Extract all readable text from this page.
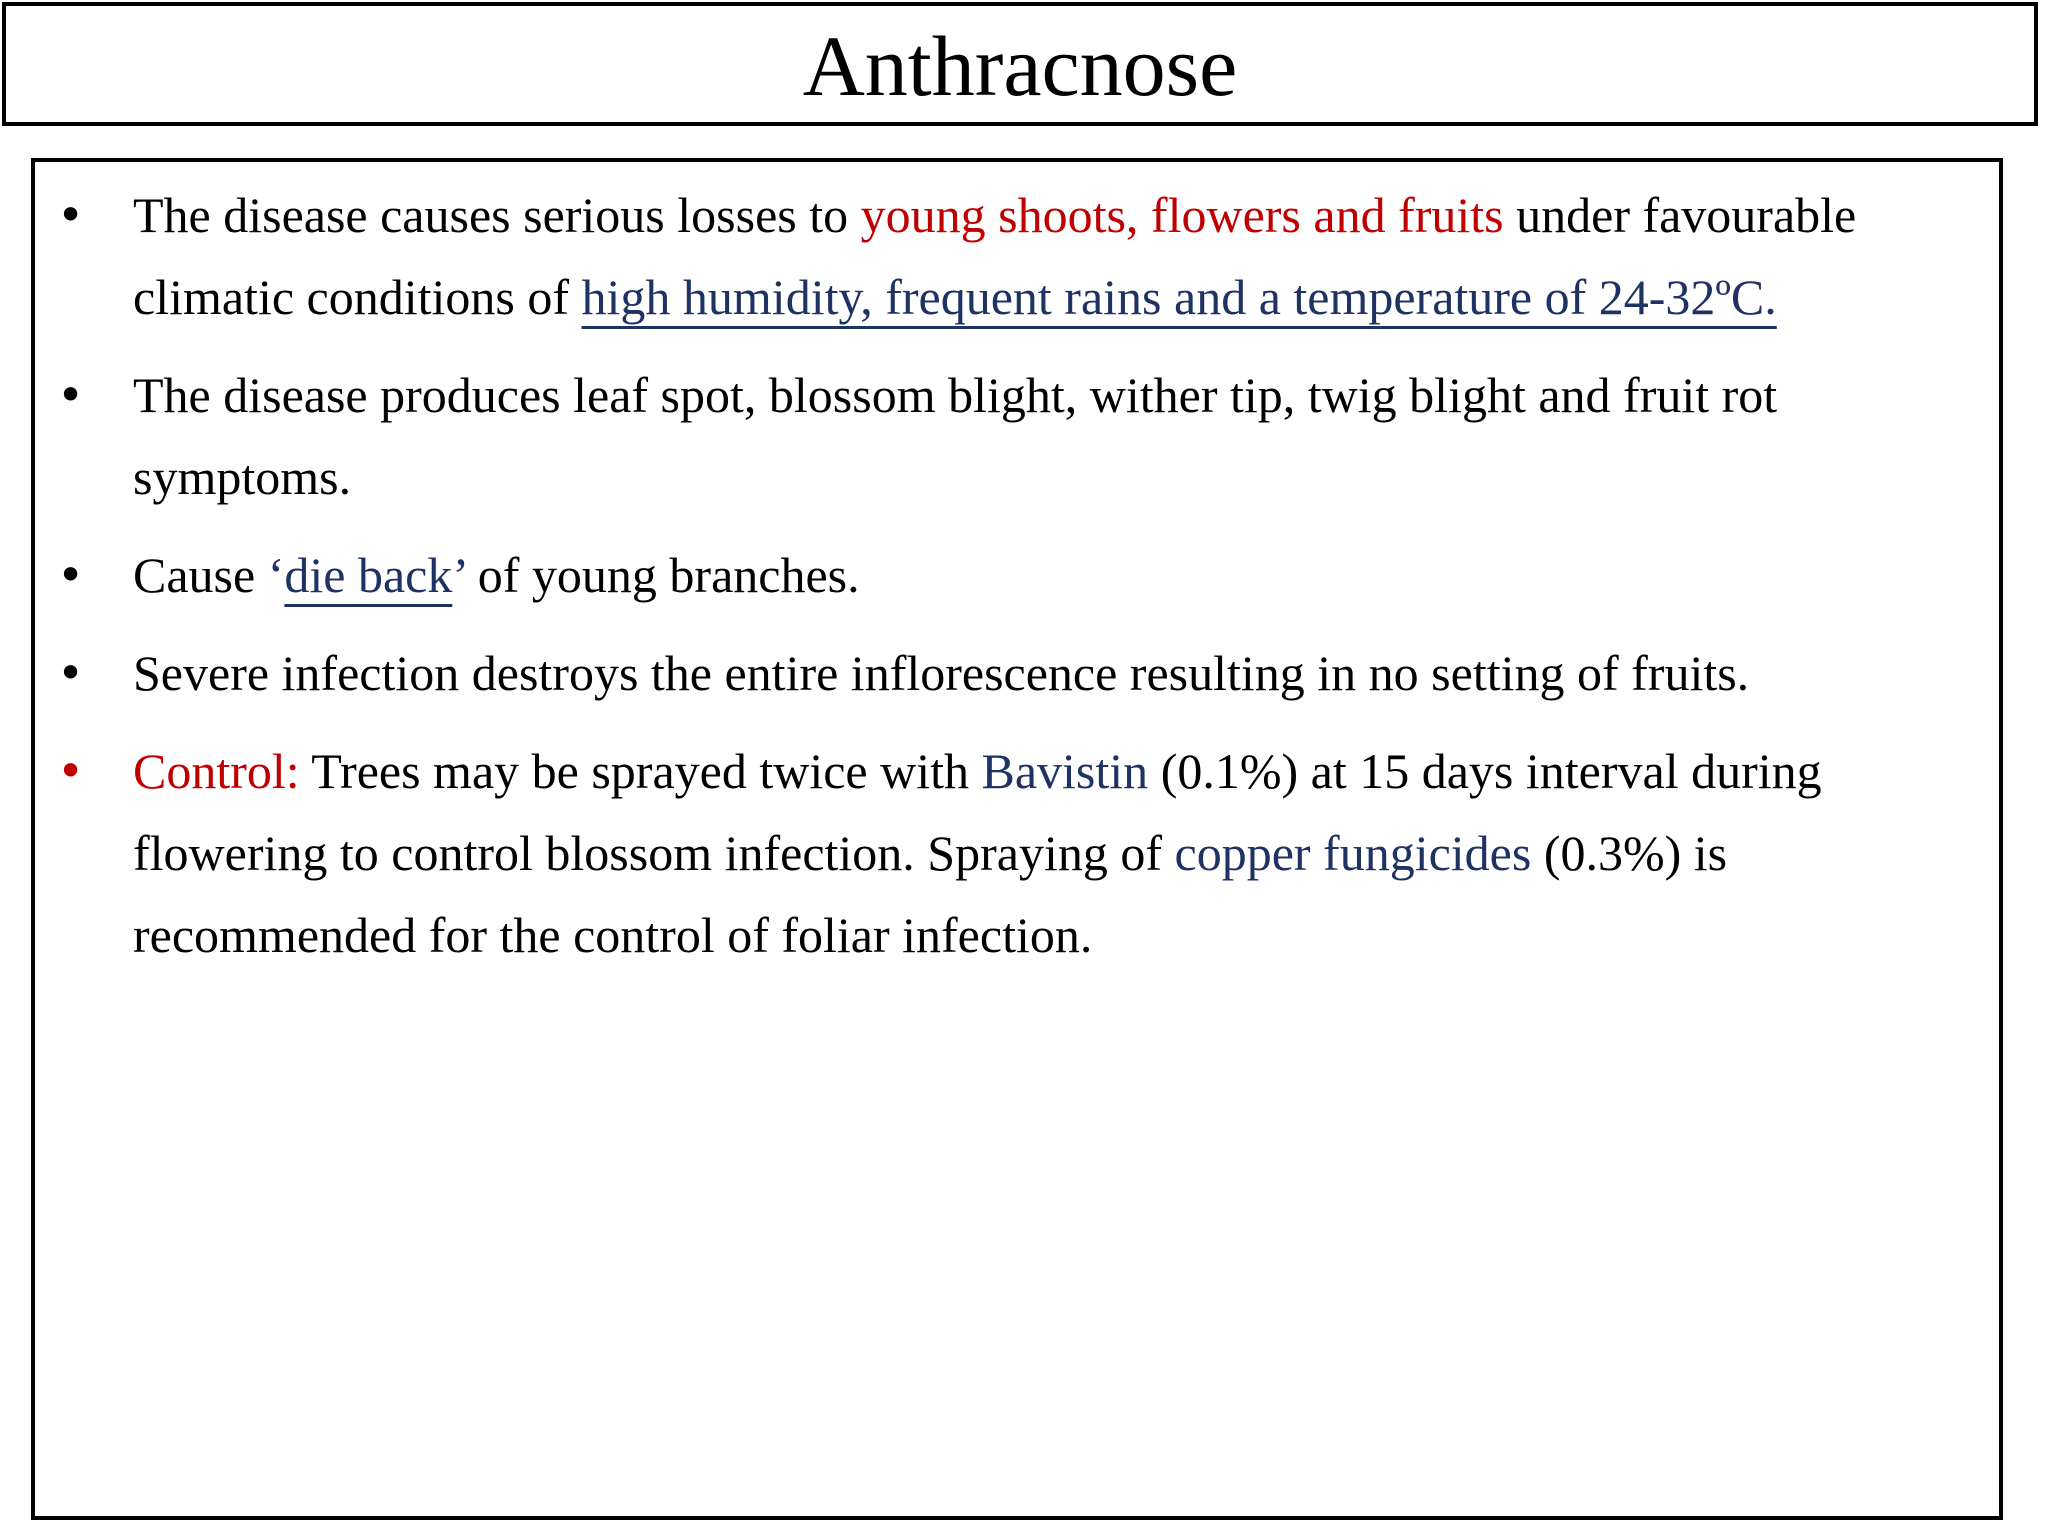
Anthracnose
• The disease causes serious losses to young shoots, flowers and fruits under favourable climatic conditions of high humidity, frequent rains and a temperature of 24-32ºC.
• The disease produces leaf spot, blossom blight, wither tip, twig blight and fruit rot symptoms.
• Cause ‘die back’ of young branches.
• Severe infection destroys the entire inflorescence resulting in no setting of fruits.
• Control: Trees may be sprayed twice with Bavistin (0.1%) at 15 days interval during flowering to control blossom infection. Spraying of copper fungicides (0.3%) is recommended for the control of foliar infection.
